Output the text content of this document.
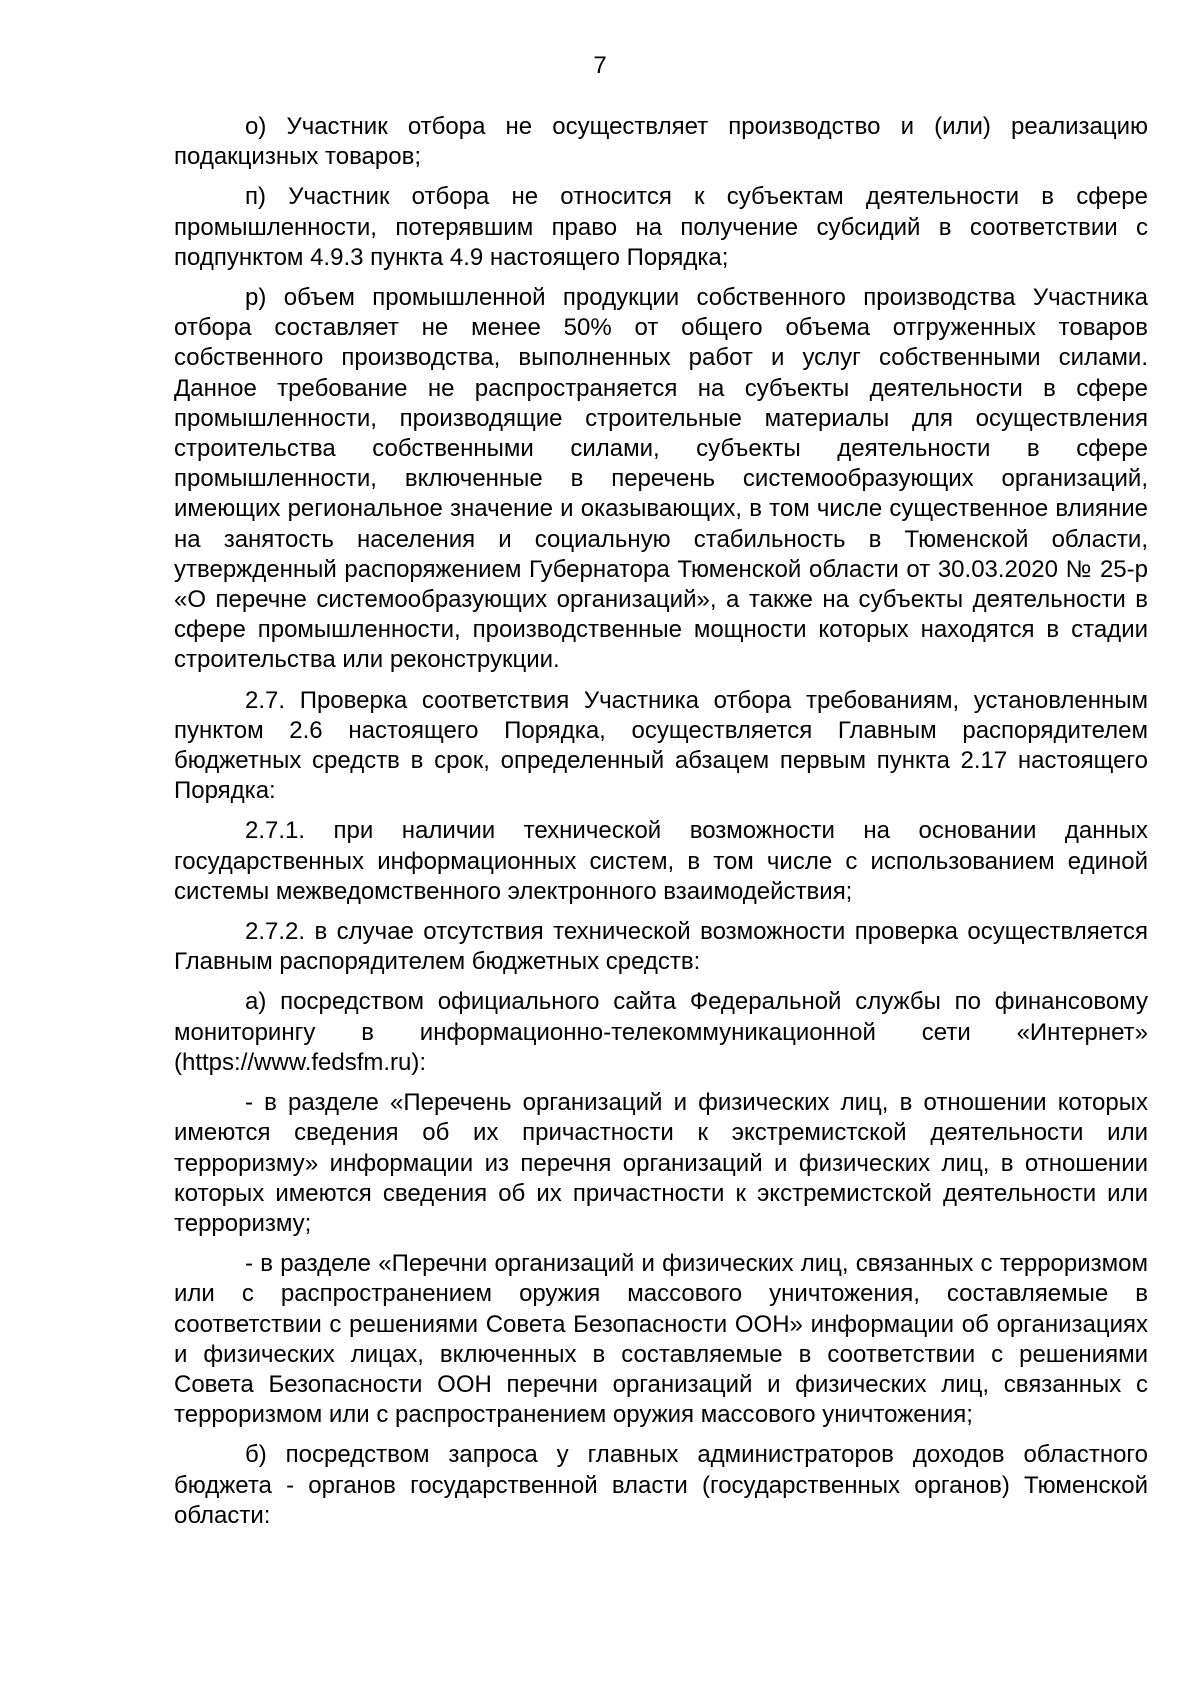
7

о) Участник отбора не осуществляет производство и (или) реализацию подакцизных товаров;

п) Участник отбора не относится к субъектам деятельности в сфере промышленности, потерявшим право на получение субсидий в соответствии с подпунктом 4.9.3 пункта 4.9 настоящего Порядка;

р) объем промышленной продукции собственного производства Участника отбора составляет не менее 50% от общего объема отгруженных товаров собственного производства, выполненных работ и услуг собственными силами. Данное требование не распространяется на субъекты деятельности в сфере промышленности, производящие строительные материалы для осуществления строительства собственными силами, субъекты деятельности в сфере промышленности, включенные в перечень системообразующих организаций, имеющих региональное значение и оказывающих, в том числе существенное влияние на занятость населения и социальную стабильность в Тюменской области, утвержденный распоряжением Губернатора Тюменской области от 30.03.2020 № 25-р «О перечне системообразующих организаций», а также на субъекты деятельности в сфере промышленности, производственные мощности которых находятся в стадии строительства или реконструкции.

2.7. Проверка соответствия Участника отбора требованиям, установленным пунктом 2.6 настоящего Порядка, осуществляется Главным распорядителем бюджетных средств в срок, определенный абзацем первым пункта 2.17 настоящего Порядка:

2.7.1. при наличии технической возможности на основании данных государственных информационных систем, в том числе с использованием единой системы межведомственного электронного взаимодействия;

2.7.2. в случае отсутствия технической возможности проверка осуществляется Главным распорядителем бюджетных средств:

а) посредством официального сайта Федеральной службы по финансовому мониторингу в информационно-телекоммуникационной сети «Интернет» (https://www.fedsfm.ru):

- в разделе «Перечень организаций и физических лиц, в отношении которых имеются сведения об их причастности к экстремистской деятельности или терроризму» информации из перечня организаций и физических лиц, в отношении которых имеются сведения об их причастности к экстремистской деятельности или терроризму;

- в разделе «Перечни организаций и физических лиц, связанных с терроризмом или с распространением оружия массового уничтожения, составляемые в соответствии с решениями Совета Безопасности ООН» информации об организациях и физических лицах, включенных в составляемые в соответствии с решениями Совета Безопасности ООН перечни организаций и физических лиц, связанных с терроризмом или с распространением оружия массового уничтожения;

б) посредством запроса у главных администраторов доходов областного бюджета - органов государственной власти (государственных органов) Тюменской области:
